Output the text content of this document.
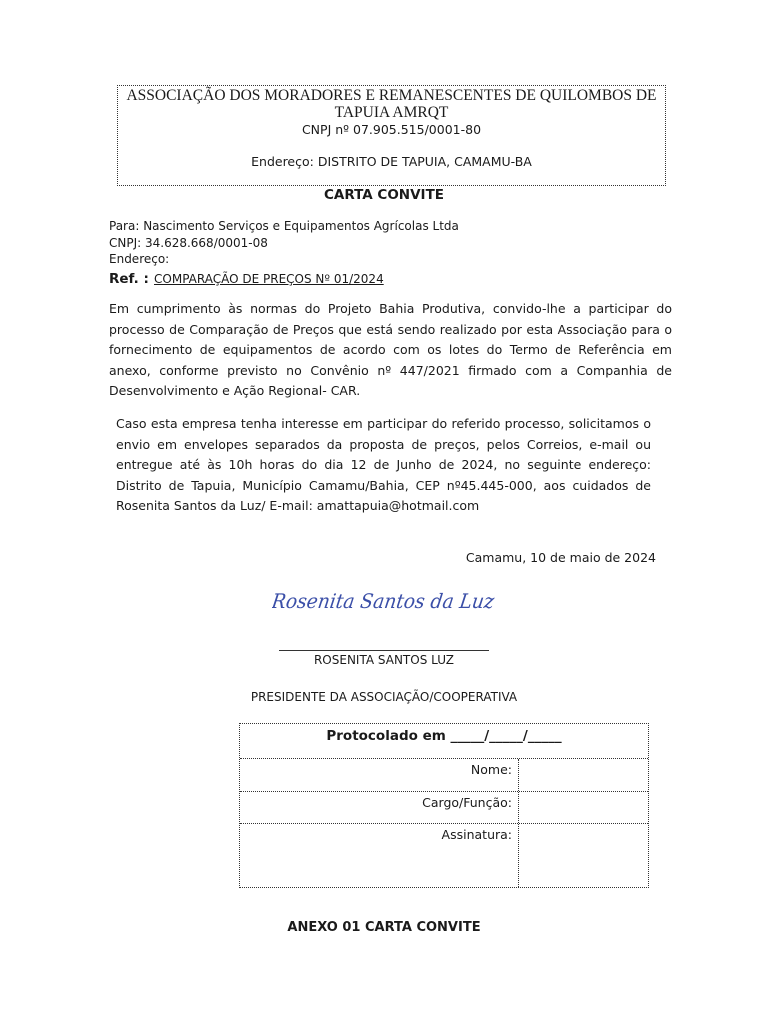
ASSOCIAÇÃO DOS MORADORES E REMANESCENTES DE QUILOMBOS DE TAPUIA AMRQT
CNPJ nº 07.905.515/0001-80
Endereço: DISTRITO DE TAPUIA, CAMAMU-BA
CARTA CONVITE
Para: Nascimento Serviços e Equipamentos Agrícolas Ltda
CNPJ: 34.628.668/0001-08
Endereço:
Ref. : COMPARAÇÃO DE PREÇOS Nº 01/2024
Em cumprimento às normas do Projeto Bahia Produtiva, convido-lhe a participar do processo de Comparação de Preços que está sendo realizado por esta Associação para o fornecimento de equipamentos de acordo com os lotes do Termo de Referência em anexo, conforme previsto no Convênio nº 447/2021 firmado com a Companhia de Desenvolvimento e Ação Regional- CAR.
Caso esta empresa tenha interesse em participar do referido processo, solicitamos o envio em envelopes separados da proposta de preços, pelos Correios, e-mail ou entregue até às 10h horas do dia 12 de Junho de 2024, no seguinte endereço: Distrito de Tapuia, Município Camamu/Bahia, CEP nº45.445-000, aos cuidados de Rosenita Santos da Luz/ E-mail: amattapuia@hotmail.com
Camamu, 10 de maio de 2024
Rosenita Santos da Luz
ROSENITA SANTOS LUZ
PRESIDENTE DA ASSOCIAÇÃO/COOPERATIVA
Protocolado em _____/_____/_____
Nome:
Cargo/Função:
Assinatura:
ANEXO 01 CARTA CONVITE
